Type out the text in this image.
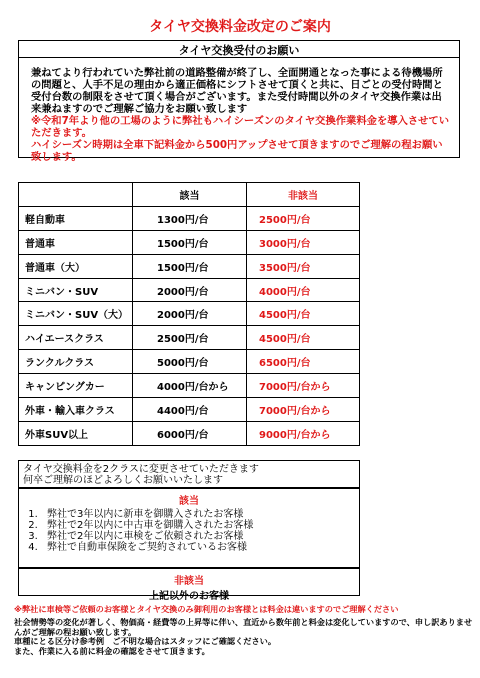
タイヤ交換料金改定のご案内
タイヤ交換受付のお願い
兼ねてより行われていた弊社前の道路整備が終了し、全面開通となった事による待機場所の問題と、人手不足の理由から適正価格にシフトさせて頂くと共に、日ごとの受付時間と受付台数の制限をさせて頂く場合がございます。また受付時間以外のタイヤ交換作業は出来兼ねますのでご理解ご協力をお願い致します
※令和7年より他の工場のように弊社もハイシーズンのタイヤ交換作業料金を導入させていただきます。
ハイシーズン時期は全車下記料金から500円アップさせて頂きますのでご理解の程お願い致します。
	該当	非該当
軽自動車	1300円/台	2500円/台
普通車	1500円/台	3000円/台
普通車（大）	1500円/台	3500円/台
ミニバン・SUV	2000円/台	4000円/台
ミニバン・SUV（大）	2000円/台	4500円/台
ハイエースクラス	2500円/台	4500円/台
ランクルクラス	5000円/台	6500円/台
キャンピングカー	4000円/台から	7000円/台から
外車・輸入車クラス	4400円/台	7000円/台から
外車SUV以上	6000円/台	9000円/台から
タイヤ交換料金を2クラスに変更させていただきます
何卒ご理解のほどよろしくお願いいたします
該当
1. 弊社で3年以内に新車を御購入されたお客様
2. 弊社で2年以内に中古車を御購入されたお客様
3. 弊社で2年以内に車検をご依頼されたお客様
4. 弊社で自動車保険をご契約されているお客様
非該当
上記以外のお客様
※弊社に車検等ご依頼のお客様とタイヤ交換のみ御利用のお客様とは料金は違いますのでご理解ください
社会情勢等の変化が著しく、物価高・経費等の上昇等に伴い、直近から数年前と料金は変化していますので、申し訳ありませんがご理解の程お願い致します。
車種にとる区分け参考例　ご不明な場合はスタッフにご確認ください。
また、作業に入る前に料金の確認をさせて頂きます。
